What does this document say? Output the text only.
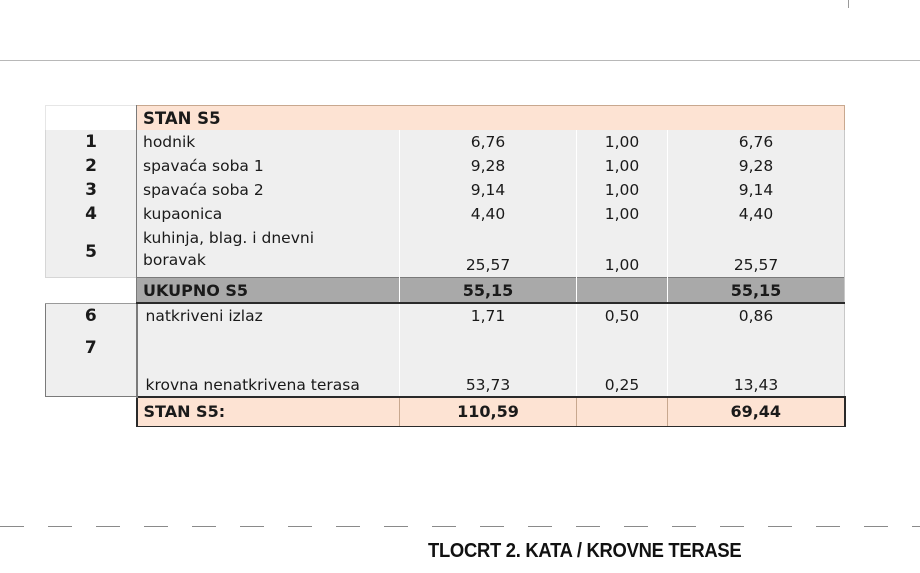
	STAN S5			
1	hodnik	6,76	1,00	6,76
2	spavaća soba 1	9,28	1,00	9,28
3	spavaća soba 2	9,14	1,00	9,14
4	kupaonica	4,40	1,00	4,40
5	kuhinja, blag. i dnevni
boravak	25,57	1,00	25,57
	UKUPNO S5	55,15		55,15
6	natkriveni izlaz	1,71	0,50	0,86
7	krovna nenatkrivena terasa	53,73	0,25	13,43
	STAN S5:	110,59		69,44
TLOCRT 2. KATA / KROVNE TERASE
